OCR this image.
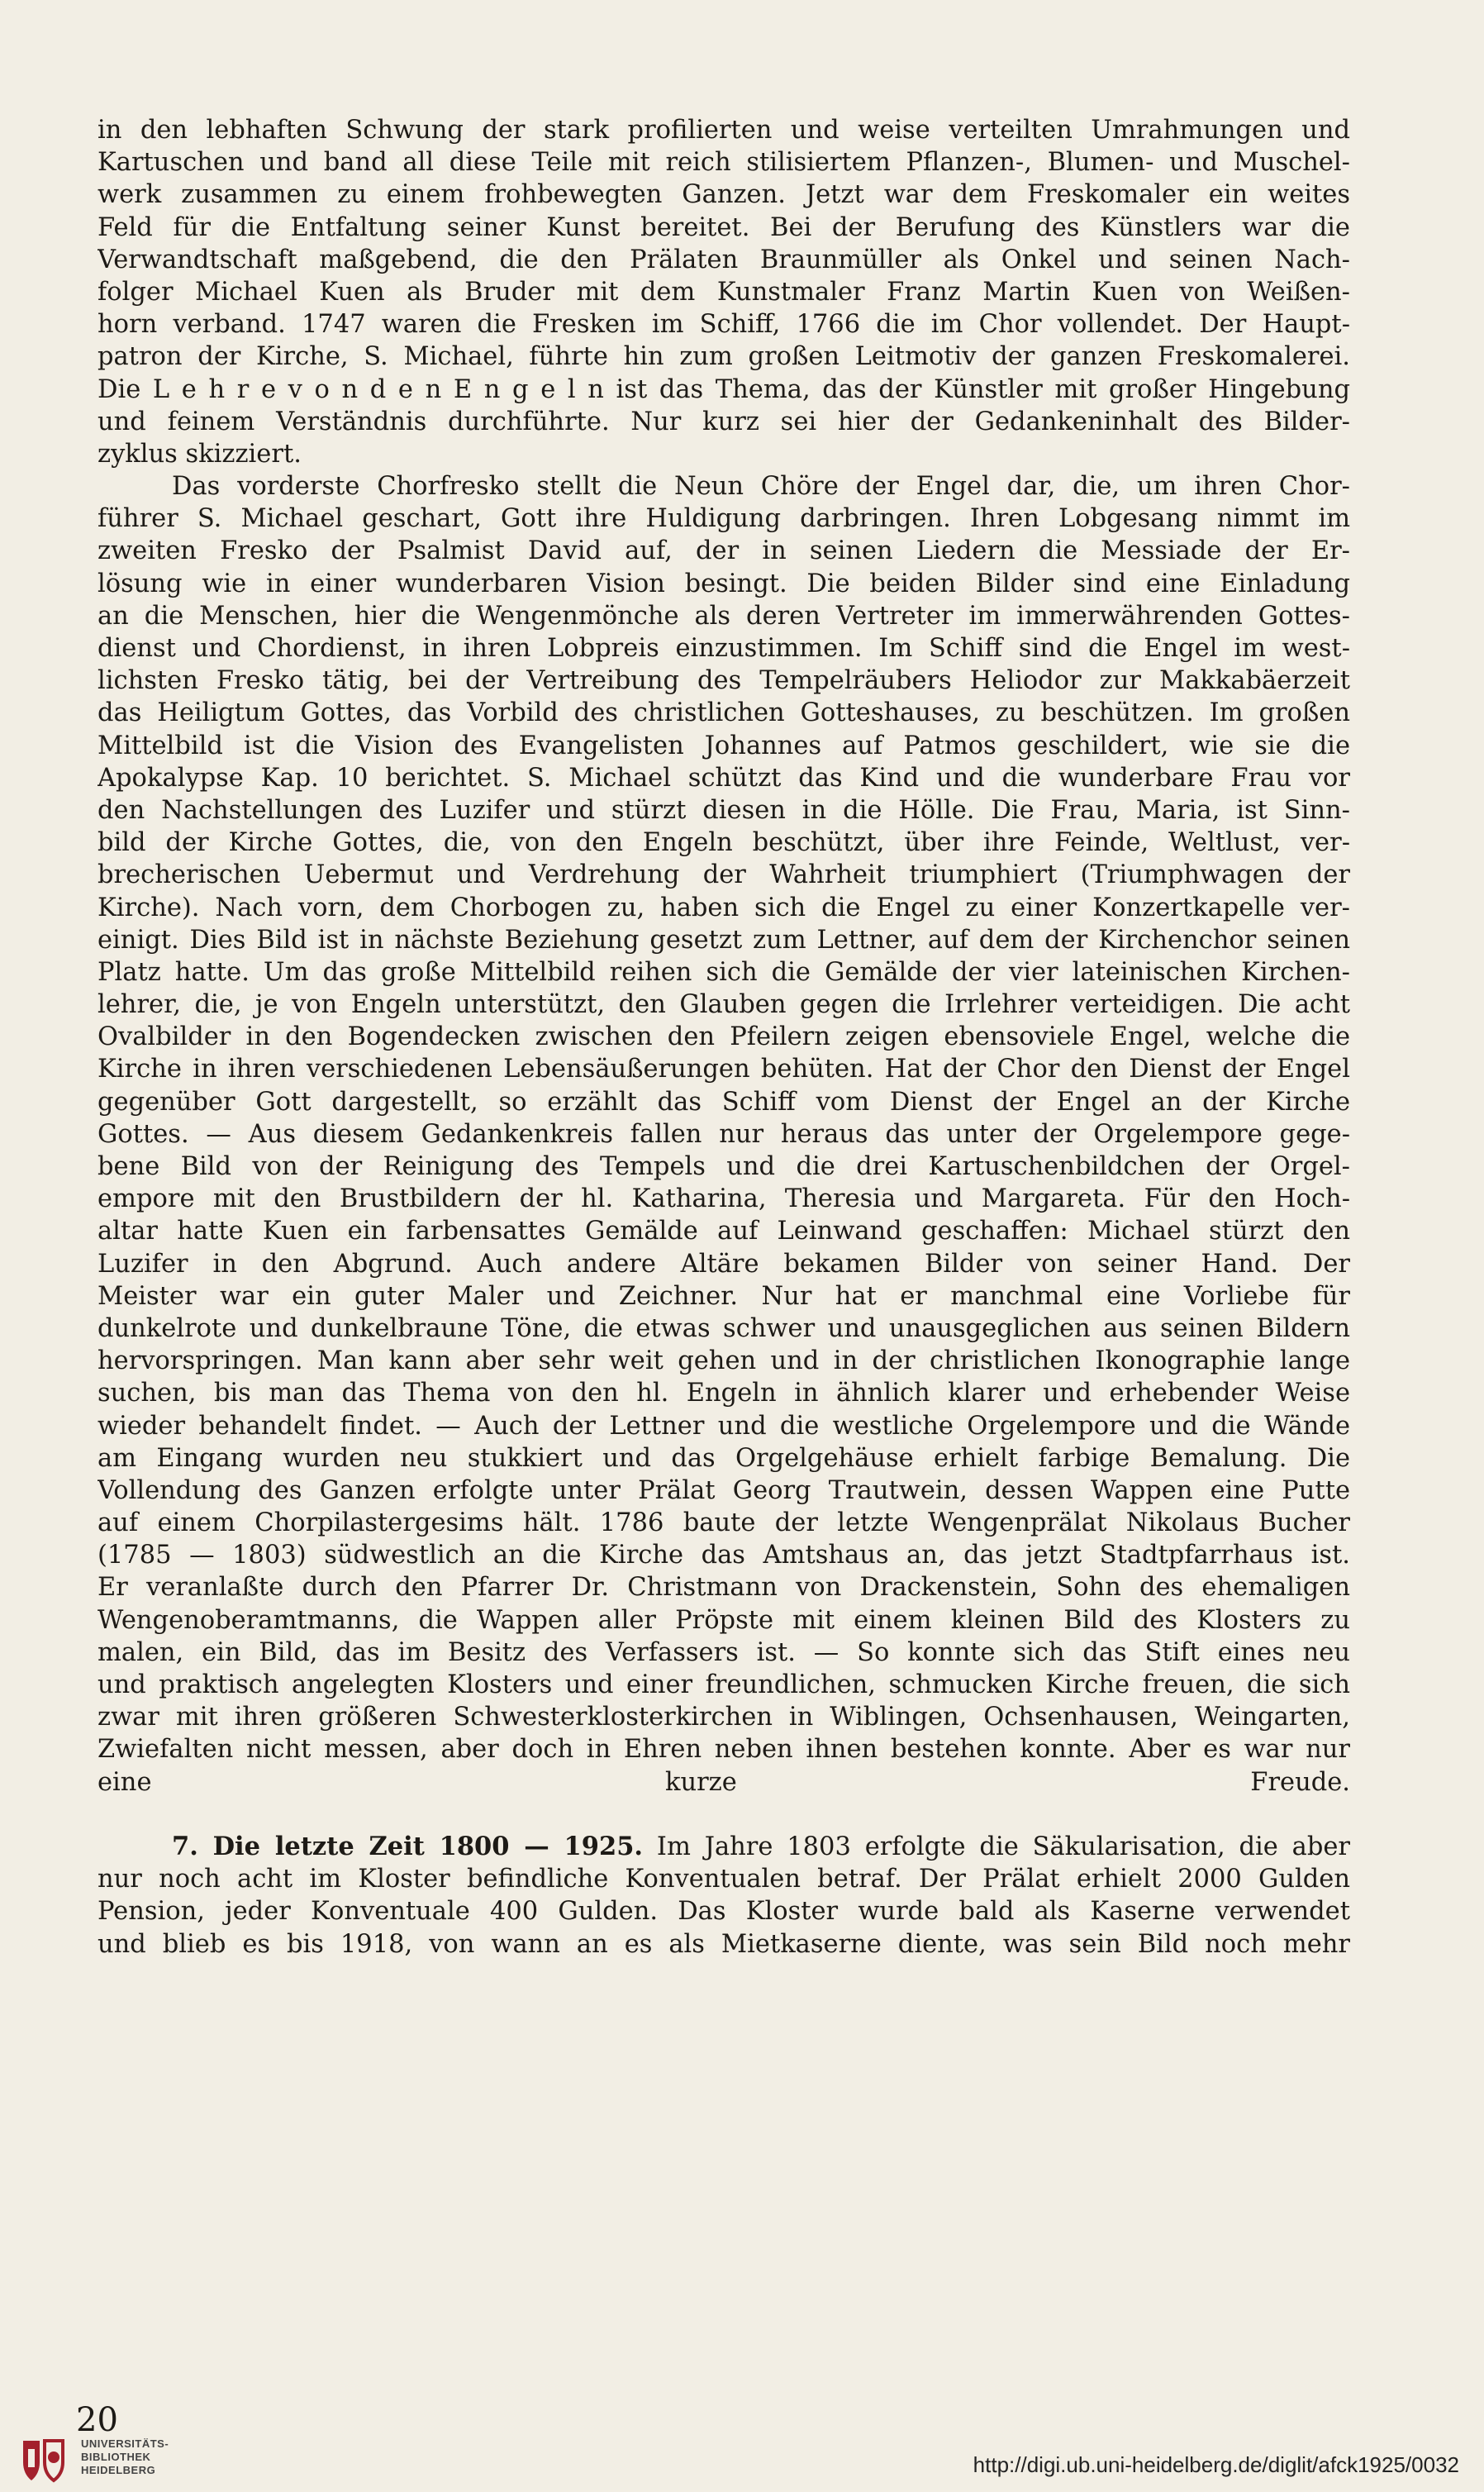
in den lebhaften Schwung der stark profilierten und weise verteilten Umrahmungen und
Kartuschen und band all diese Teile mit reich stilisiertem Pflanzen-, Blumen- und Muschel-
werk zusammen zu einem frohbewegten Ganzen. Jetzt war dem Freskomaler ein weites
Feld für die Entfaltung seiner Kunst bereitet. Bei der Berufung des Künstlers war die
Verwandtschaft maßgebend, die den Prälaten Braunmüller als Onkel und seinen Nach-
folger Michael Kuen als Bruder mit dem Kunstmaler Franz Martin Kuen von Weißen-
horn verband. 1747 waren die Fresken im Schiff, 1766 die im Chor vollendet. Der Haupt-
patron der Kirche, S. Michael, führte hin zum großen Leitmotiv der ganzen Freskomalerei.
Die L e h r e v o n d e n E n g e l n ist das Thema, das der Künstler mit großer Hingebung
und feinem Verständnis durchführte. Nur kurz sei hier der Gedankeninhalt des Bilder-
zyklus skizziert.
Das vorderste Chorfresko stellt die Neun Chöre der Engel dar, die, um ihren Chor-
führer S. Michael geschart, Gott ihre Huldigung darbringen. Ihren Lobgesang nimmt im
zweiten Fresko der Psalmist David auf, der in seinen Liedern die Messiade der Er-
lösung wie in einer wunderbaren Vision besingt. Die beiden Bilder sind eine Einladung
an die Menschen, hier die Wengenmönche als deren Vertreter im immerwährenden Gottes-
dienst und Chordienst, in ihren Lobpreis einzustimmen. Im Schiff sind die Engel im west-
lichsten Fresko tätig, bei der Vertreibung des Tempelräubers Heliodor zur Makkabäerzeit
das Heiligtum Gottes, das Vorbild des christlichen Gotteshauses, zu beschützen. Im großen
Mittelbild ist die Vision des Evangelisten Johannes auf Patmos geschildert, wie sie die
Apokalypse Kap. 10 berichtet. S. Michael schützt das Kind und die wunderbare Frau vor
den Nachstellungen des Luzifer und stürzt diesen in die Hölle. Die Frau, Maria, ist Sinn-
bild der Kirche Gottes, die, von den Engeln beschützt, über ihre Feinde, Weltlust, ver-
brecherischen Uebermut und Verdrehung der Wahrheit triumphiert (Triumphwagen der
Kirche). Nach vorn, dem Chorbogen zu, haben sich die Engel zu einer Konzertkapelle ver-
einigt. Dies Bild ist in nächste Beziehung gesetzt zum Lettner, auf dem der Kirchenchor seinen
Platz hatte. Um das große Mittelbild reihen sich die Gemälde der vier lateinischen Kirchen-
lehrer, die, je von Engeln unterstützt, den Glauben gegen die Irrlehrer verteidigen. Die acht
Ovalbilder in den Bogendecken zwischen den Pfeilern zeigen ebensoviele Engel, welche die
Kirche in ihren verschiedenen Lebensäußerungen behüten. Hat der Chor den Dienst der Engel
gegenüber Gott dargestellt, so erzählt das Schiff vom Dienst der Engel an der Kirche
Gottes. — Aus diesem Gedankenkreis fallen nur heraus das unter der Orgelempore gege-
bene Bild von der Reinigung des Tempels und die drei Kartuschenbildchen der Orgel-
empore mit den Brustbildern der hl. Katharina, Theresia und Margareta. Für den Hoch-
altar hatte Kuen ein farbensattes Gemälde auf Leinwand geschaffen: Michael stürzt den
Luzifer in den Abgrund. Auch andere Altäre bekamen Bilder von seiner Hand. Der
Meister war ein guter Maler und Zeichner. Nur hat er manchmal eine Vorliebe für
dunkelrote und dunkelbraune Töne, die etwas schwer und unausgeglichen aus seinen Bildern
hervorspringen. Man kann aber sehr weit gehen und in der christlichen Ikonographie lange
suchen, bis man das Thema von den hl. Engeln in ähnlich klarer und erhebender Weise
wieder behandelt findet. — Auch der Lettner und die westliche Orgelempore und die Wände
am Eingang wurden neu stukkiert und das Orgelgehäuse erhielt farbige Bemalung. Die
Vollendung des Ganzen erfolgte unter Prälat Georg Trautwein, dessen Wappen eine Putte
auf einem Chorpilastergesims hält. 1786 baute der letzte Wengenprälat Nikolaus Bucher
(1785 — 1803) südwestlich an die Kirche das Amtshaus an, das jetzt Stadtpfarrhaus ist.
Er veranlaßte durch den Pfarrer Dr. Christmann von Drackenstein, Sohn des ehemaligen
Wengenoberamtmanns, die Wappen aller Pröpste mit einem kleinen Bild des Klosters zu
malen, ein Bild, das im Besitz des Verfassers ist. — So konnte sich das Stift eines neu
und praktisch angelegten Klosters und einer freundlichen, schmucken Kirche freuen, die sich
zwar mit ihren größeren Schwesterklosterkirchen in Wiblingen, Ochsenhausen, Weingarten,
Zwiefalten nicht messen, aber doch in Ehren neben ihnen bestehen konnte. Aber es war nur
eine kurze Freude.
7. Die letzte Zeit 1800 — 1925. Im Jahre 1803 erfolgte die Säkularisation, die aber
nur noch acht im Kloster befindliche Konventualen betraf. Der Prälat erhielt 2000 Gulden
Pension, jeder Konventuale 400 Gulden. Das Kloster wurde bald als Kaserne verwendet
und blieb es bis 1918, von wann an es als Mietkaserne diente, was sein Bild noch mehr
20
UNIVERSITÄTS-
BIBLIOTHEK
HEIDELBERG	http://digi.ub.uni-heidelberg.de/diglit/afck1925/0032
